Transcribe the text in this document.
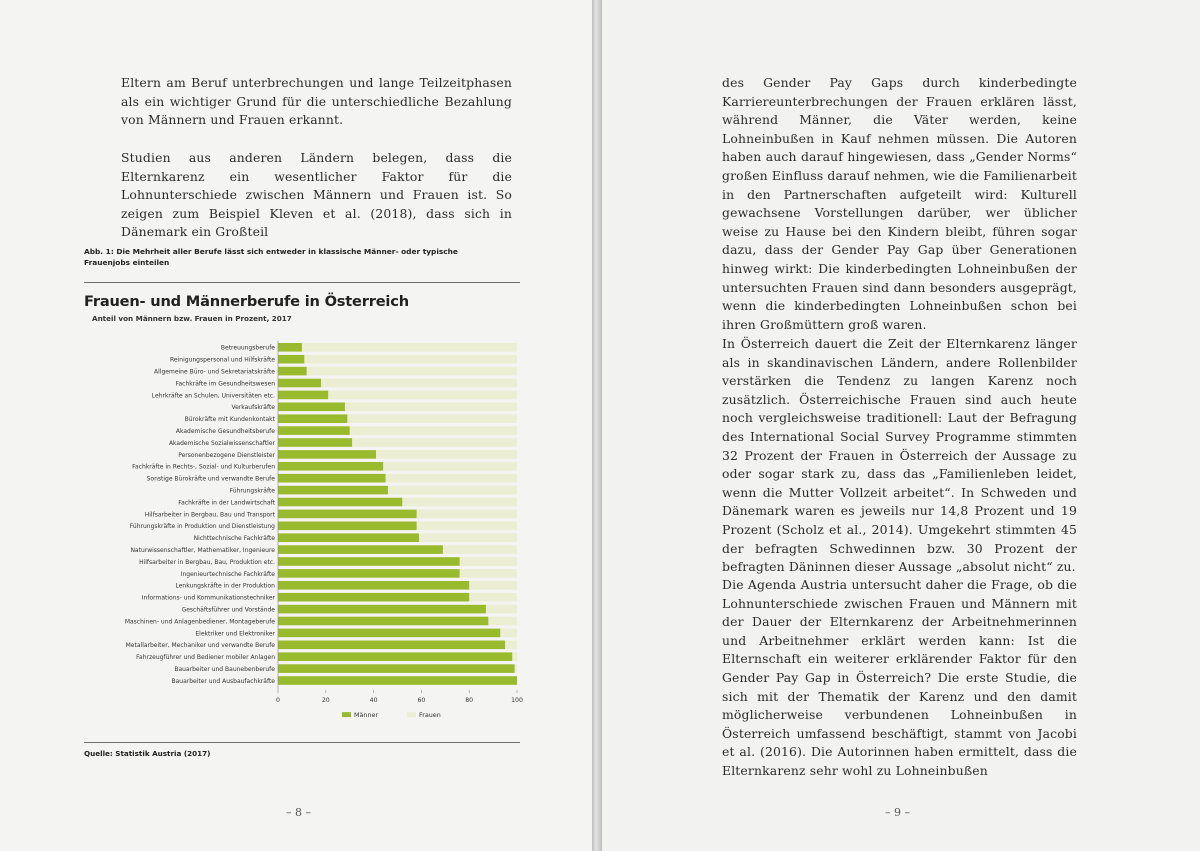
Eltern am Beruf unterbrechungen und lange Teilzeitphasen als ein wichtiger Grund für die unterschiedliche Bezahlung von Männern und Frauen erkannt.

Studien aus anderen Ländern belegen, dass die Elternkarenz ein wesentlicher Faktor für die Lohnunterschiede zwischen Männern und Frauen ist. So zeigen zum Beispiel Kleven et al. (2018), dass sich in Dänemark ein Großteil

Abb. 1: Die Mehrheit aller Berufe lässt sich entweder in klassische Männer- oder typische Frauenjobs einteilen

Frauen- und Männerberufe in Österreich
Anteil von Männern bzw. Frauen in Prozent, 2017
Betreuungsberufe
Reinigungspersonal und Hilfskräfte
Allgemeine Büro- und Sekretariatskräfte
Fachkräfte im Gesundheitswesen
Lehrkräfte an Schulen, Universitäten etc.
Verkaufskräfte
Bürokräfte mit Kundenkontakt
Akademische Gesundheitsberufe
Akademische Sozialwissenschaftler
Personenbezogene Dienstleister
Fachkräfte in Rechts-, Sozial- und Kulturberufen
Sonstige Bürokräfte und verwandte Berufe
Führungskräfte
Fachkräfte in der Landwirtschaft
Hilfsarbeiter in Bergbau, Bau und Transport
Führungskräfte in Produktion und Dienstleistung
Nichttechnische Fachkräfte
Naturwissenschaftler, Mathematiker, Ingenieure
Hilfsarbeiter in Bergbau, Bau, Produktion etc.
Ingenieurtechnische Fachkräfte
Lenkungskräfte in der Produktion
Informations- und Kommunikationstechniker
Geschäftsführer und Vorstände
Maschinen- und Anlagenbediener, Montageberufe
Elektriker und Elektroniker
Metallarbeiter, Mechaniker und verwandte Berufe
Fahrzeugführer und Bediener mobiler Anlagen
Bauarbeiter und Baunebenberufe
Bauarbeiter und Ausbaufachkräfte
0	20	40	60	80	100
Männer	Frauen
Quelle: Statistik Austria (2017)
– 8 –

des Gender Pay Gaps durch kinderbedingte Karriereunterbrechungen der Frauen erklären lässt, während Männer, die Väter werden, keine Lohneinbußen in Kauf nehmen müssen. Die Autoren haben auch darauf hingewiesen, dass „Gender Norms“ großen Einfluss darauf nehmen, wie die Familienarbeit in den Partnerschaften aufgeteilt wird: Kulturell gewachsene Vorstellungen darüber, wer üblicher weise zu Hause bei den Kindern bleibt, führen sogar dazu, dass der Gender Pay Gap über Generationen hinweg wirkt: Die kinderbedingten Lohneinbußen der untersuchten Frauen sind dann besonders ausgeprägt, wenn die kinderbedingten Lohneinbußen schon bei ihren Großmüttern groß waren.

In Österreich dauert die Zeit der Elternkarenz länger als in skandinavischen Ländern, andere Rollenbilder verstärken die Tendenz zu langen Karenz noch zusätzlich. Österreichische Frauen sind auch heute noch vergleichsweise traditionell: Laut der Befragung des International Social Survey Programme stimmten 32 Prozent der Frauen in Österreich der Aussage zu oder sogar stark zu, dass das „Familienleben leidet, wenn die Mutter Vollzeit arbeitet“. In Schweden und Dänemark waren es jeweils nur 14,8 Prozent und 19 Prozent (Scholz et al., 2014). Umgekehrt stimmten 45 der befragten Schwedinnen bzw. 30 Prozent der befragten Däninnen dieser Aussage „absolut nicht“ zu.

Die Agenda Austria untersucht daher die Frage, ob die Lohnunterschiede zwischen Frauen und Männern mit der Dauer der Elternkarenz der Arbeitnehmerinnen und Arbeitnehmer erklärt werden kann: Ist die Elternschaft ein weiterer erklärender Faktor für den Gender Pay Gap in Österreich? Die erste Studie, die sich mit der Thematik der Karenz und den damit möglicherweise verbundenen Lohneinbußen in Österreich umfassend beschäftigt, stammt von Jacobi et al. (2016). Die Autorinnen haben ermittelt, dass die Elternkarenz sehr wohl zu Lohneinbußen

– 9 –
